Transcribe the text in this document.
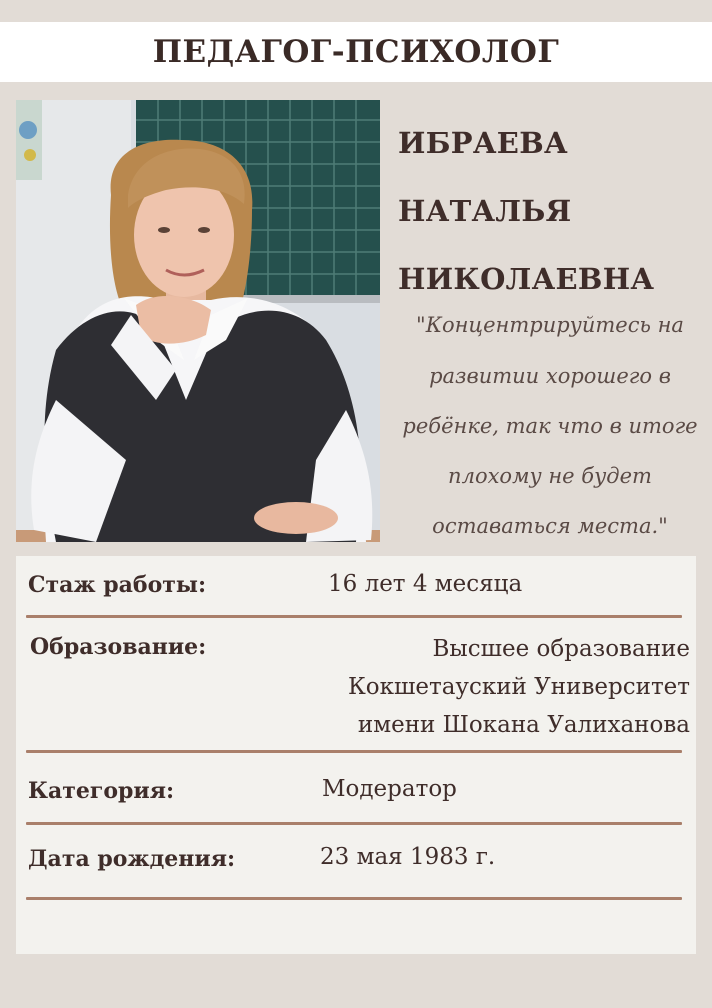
ПЕДАГОГ-ПСИХОЛОГ
ИБРАЕВА
НАТАЛЬЯ
НИКОЛАЕВНА

"Концентрируйтесь на

развитии хорошего в

ребёнке, так что в итоге

плохому не будет

оставаться места."

Стаж работы:	16 лет 4 месяца

Образование:	Высшее образование
Кокшетауский Университет
имени Шокана Уалиханова

Категория:	Модератор

Дата рождения:	23 мая 1983 г.
